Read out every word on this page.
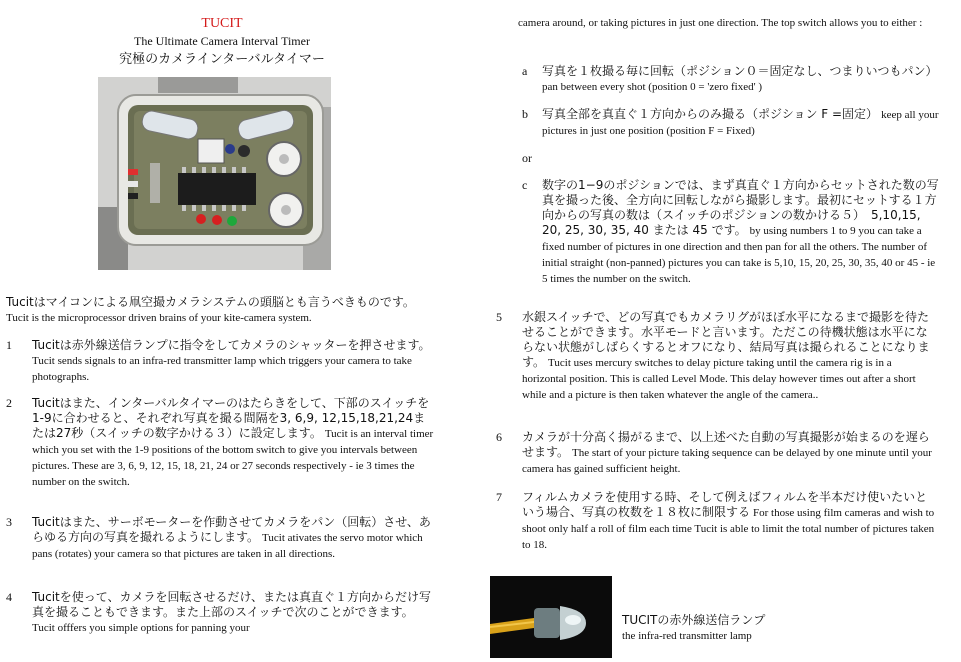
TUCIT
The Ultimate Camera Interval Timer
究極のカメラインターバルタイマー
Tucitはマイコンによる凧空撮カメラシステムの頭脳とも言うべきものです。 Tucit is the microprocessor driven brains of your kite-camera system.
1 Tucitは赤外線送信ランプに指令をしてカメラのシャッターを押させます。 Tucit sends signals to an infra-red transmitter lamp which triggers your camera to take photographs.
2 Tucitはまた、インターバルタイマーのはたらきをして、下部のスイッチを1-9に合わせると、それぞれ写真を撮る間隔を3, 6,9, 12,15,18,21,24または27秒（スイッチの数字かける３）に設定します。 Tucit is an interval timer which you set with the 1-9 positions of the bottom switch to give you intervals between pictures. These are 3, 6, 9, 12, 15, 18, 21, 24 or 27 seconds respectively - ie 3 times the number on the switch.
3 Tucitはまた、サーボモーターを作動させてカメラをパン（回転）させ、あらゆる方向の写真を撮れるようにします。 Tucit ativates the servo motor which pans (rotates) your camera so that pictures are taken in all directions.
4 Tucitを使って、カメラを回転させるだけ、または真直ぐ１方向からだけ写真を撮ることもできます。また上部のスイッチで次のことができます。 Tucit offfers you simple options for panning your
camera around, or taking pictures in just one direction. The top switch allows you to either :
a 写真を１枚撮る毎に回転（ポジション０＝固定なし、つまりいつもパン） pan between every shot (position 0 = 'zero fixed' )
b 写真全部を真直ぐ１方向からのみ撮る（ポジション F =固定） keep all your pictures in just one position (position F = Fixed)
or
c 数字の1−9のポジションでは、まず真直ぐ１方向からセットされた数の写真を撮った後、全方向に回転しながら撮影します。最初にセットする１方向からの写真の数は（スイッチのポジションの数かける５）　5,10,15, 20, 25, 30, 35, 40 または 45 です。 by using numbers 1 to 9 you can take a fixed number of pictures in one direction and then pan for all the others. The number of initial straight (non-panned) pictures you can take is 5,10, 15, 20, 25, 30, 35, 40 or 45 - ie 5 times the number on the switch.
5 水銀スイッチで、どの写真でもカメラリグがほぼ水平になるまで撮影を待たせることができます。水平モードと言います。ただこの待機状態は水平にならない状態がしばらくするとオフになり、結局写真は撮られることになります。 Tucit uses mercury switches to delay picture taking until the camera rig is in a horizontal position. This is called Level Mode. This delay however times out after a short while and a picture is then taken whatever the angle of the camera..
6 カメラが十分高く揚がるまで、以上述べた自動の写真撮影が始まるのを遅らせます。 The start of your picture taking sequence can be delayed by one minute until your camera has gained sufficient height.
7 フィルムカメラを使用する時、そして例えばフィルムを半本だけ使いたいという場合、写真の枚数を１８枚に制限する For those using film cameras and wish to shoot only half a roll of film each time Tucit is able to limit the total number of pictures taken to 18.
TUCITの赤外線送信ランプ
the infra-red transmitter lamp
